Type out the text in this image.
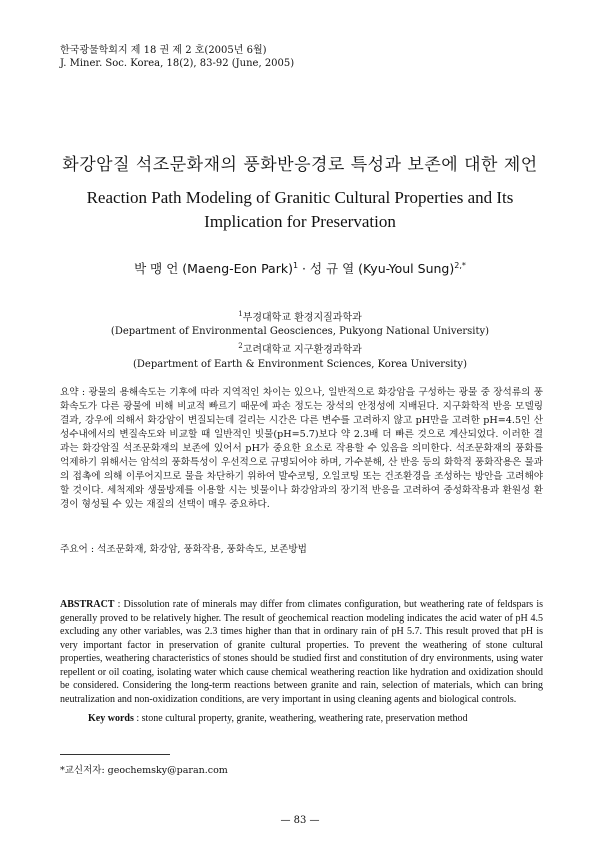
한국광물학회지 제 18 권 제 2 호(2005년 6월)
J. Miner. Soc. Korea, 18(2), 83-92 (June, 2005)
화강암질 석조문화재의 풍화반응경로 특성과 보존에 대한 제언
Reaction Path Modeling of Granitic Cultural Properties and Its Implication for Preservation
박 맹 언 (Maeng-Eon Park)$^1$ · 성 규 열 (Kyu-Youl Sung)$^{2,*}$
$^1$부경대학교 환경지질과학과
(Department of Environmental Geosciences, Pukyong National University)
$^2$고려대학교 지구환경과학과
(Department of Earth & Environment Sciences, Korea University)
요약 : 광물의 용해속도는 기후에 따라 지역적인 차이는 있으나, 일반적으로 화강암을 구성하는 광물 중 장석류의 풍화속도가 다른 광물에 비해 비교적 빠르기 때문에 파손 정도는 장석의 안정성에 지배된다. 지구화학적 반응 모델링 결과, 강우에 의해서 화강암이 변질되는데 걸리는 시간은 다른 변수를 고려하지 않고 pH만을 고려한 pH=4.5인 산성수내에서의 변질속도와 비교할 때 일반적인 빗물(pH=5.7)보다 약 2.3배 더 빠른 것으로 계산되었다. 이러한 결과는 화강암질 석조문화재의 보존에 있어서 pH가 중요한 요소로 작용할 수 있음을 의미한다. 석조문화재의 풍화를 억제하기 위해서는 암석의 풍화특성이 우선적으로 규명되어야 하며, 가수분해, 산 반응 등의 화학적 풍화작용은 물과의 접촉에 의해 이루어지므로 물을 차단하기 위하여 발수코팅, 오일코팅 또는 건조환경을 조성하는 방안을 고려해야 할 것이다. 세척제와 생물방제를 이용할 시는 빗물이나 화강암과의 장기적 반응을 고려하여 중성화작용과 환원성 환경이 형성될 수 있는 재질의 선택이 매우 중요하다.
주요어 : 석조문화재, 화강암, 풍화작용, 풍화속도, 보존방법
ABSTRACT : Dissolution rate of minerals may differ from climates configuration, but weathering rate of feldspars is generally proved to be relatively higher. The result of geochemical reaction modeling indicates the acid water of pH 4.5 excluding any other variables, was 2.3 times higher than that in ordinary rain of pH 5.7. This result proved that pH is very important factor in preservation of granite cultural properties. To prevent the weathering of stone cultural properties, weathering characteristics of stones should be studied first and constitution of dry environments, using water repellent or oil coating, isolating water which cause chemical weathering reaction like hydration and oxidization should be considered. Considering the long-term reactions between granite and rain, selection of materials, which can bring neutralization and non-oxidization conditions, are very important in using cleaning agents and biological controls.
Key words : stone cultural property, granite, weathering, weathering rate, preservation method
*교신저자: geochemsky@paran.com
— 83 —
